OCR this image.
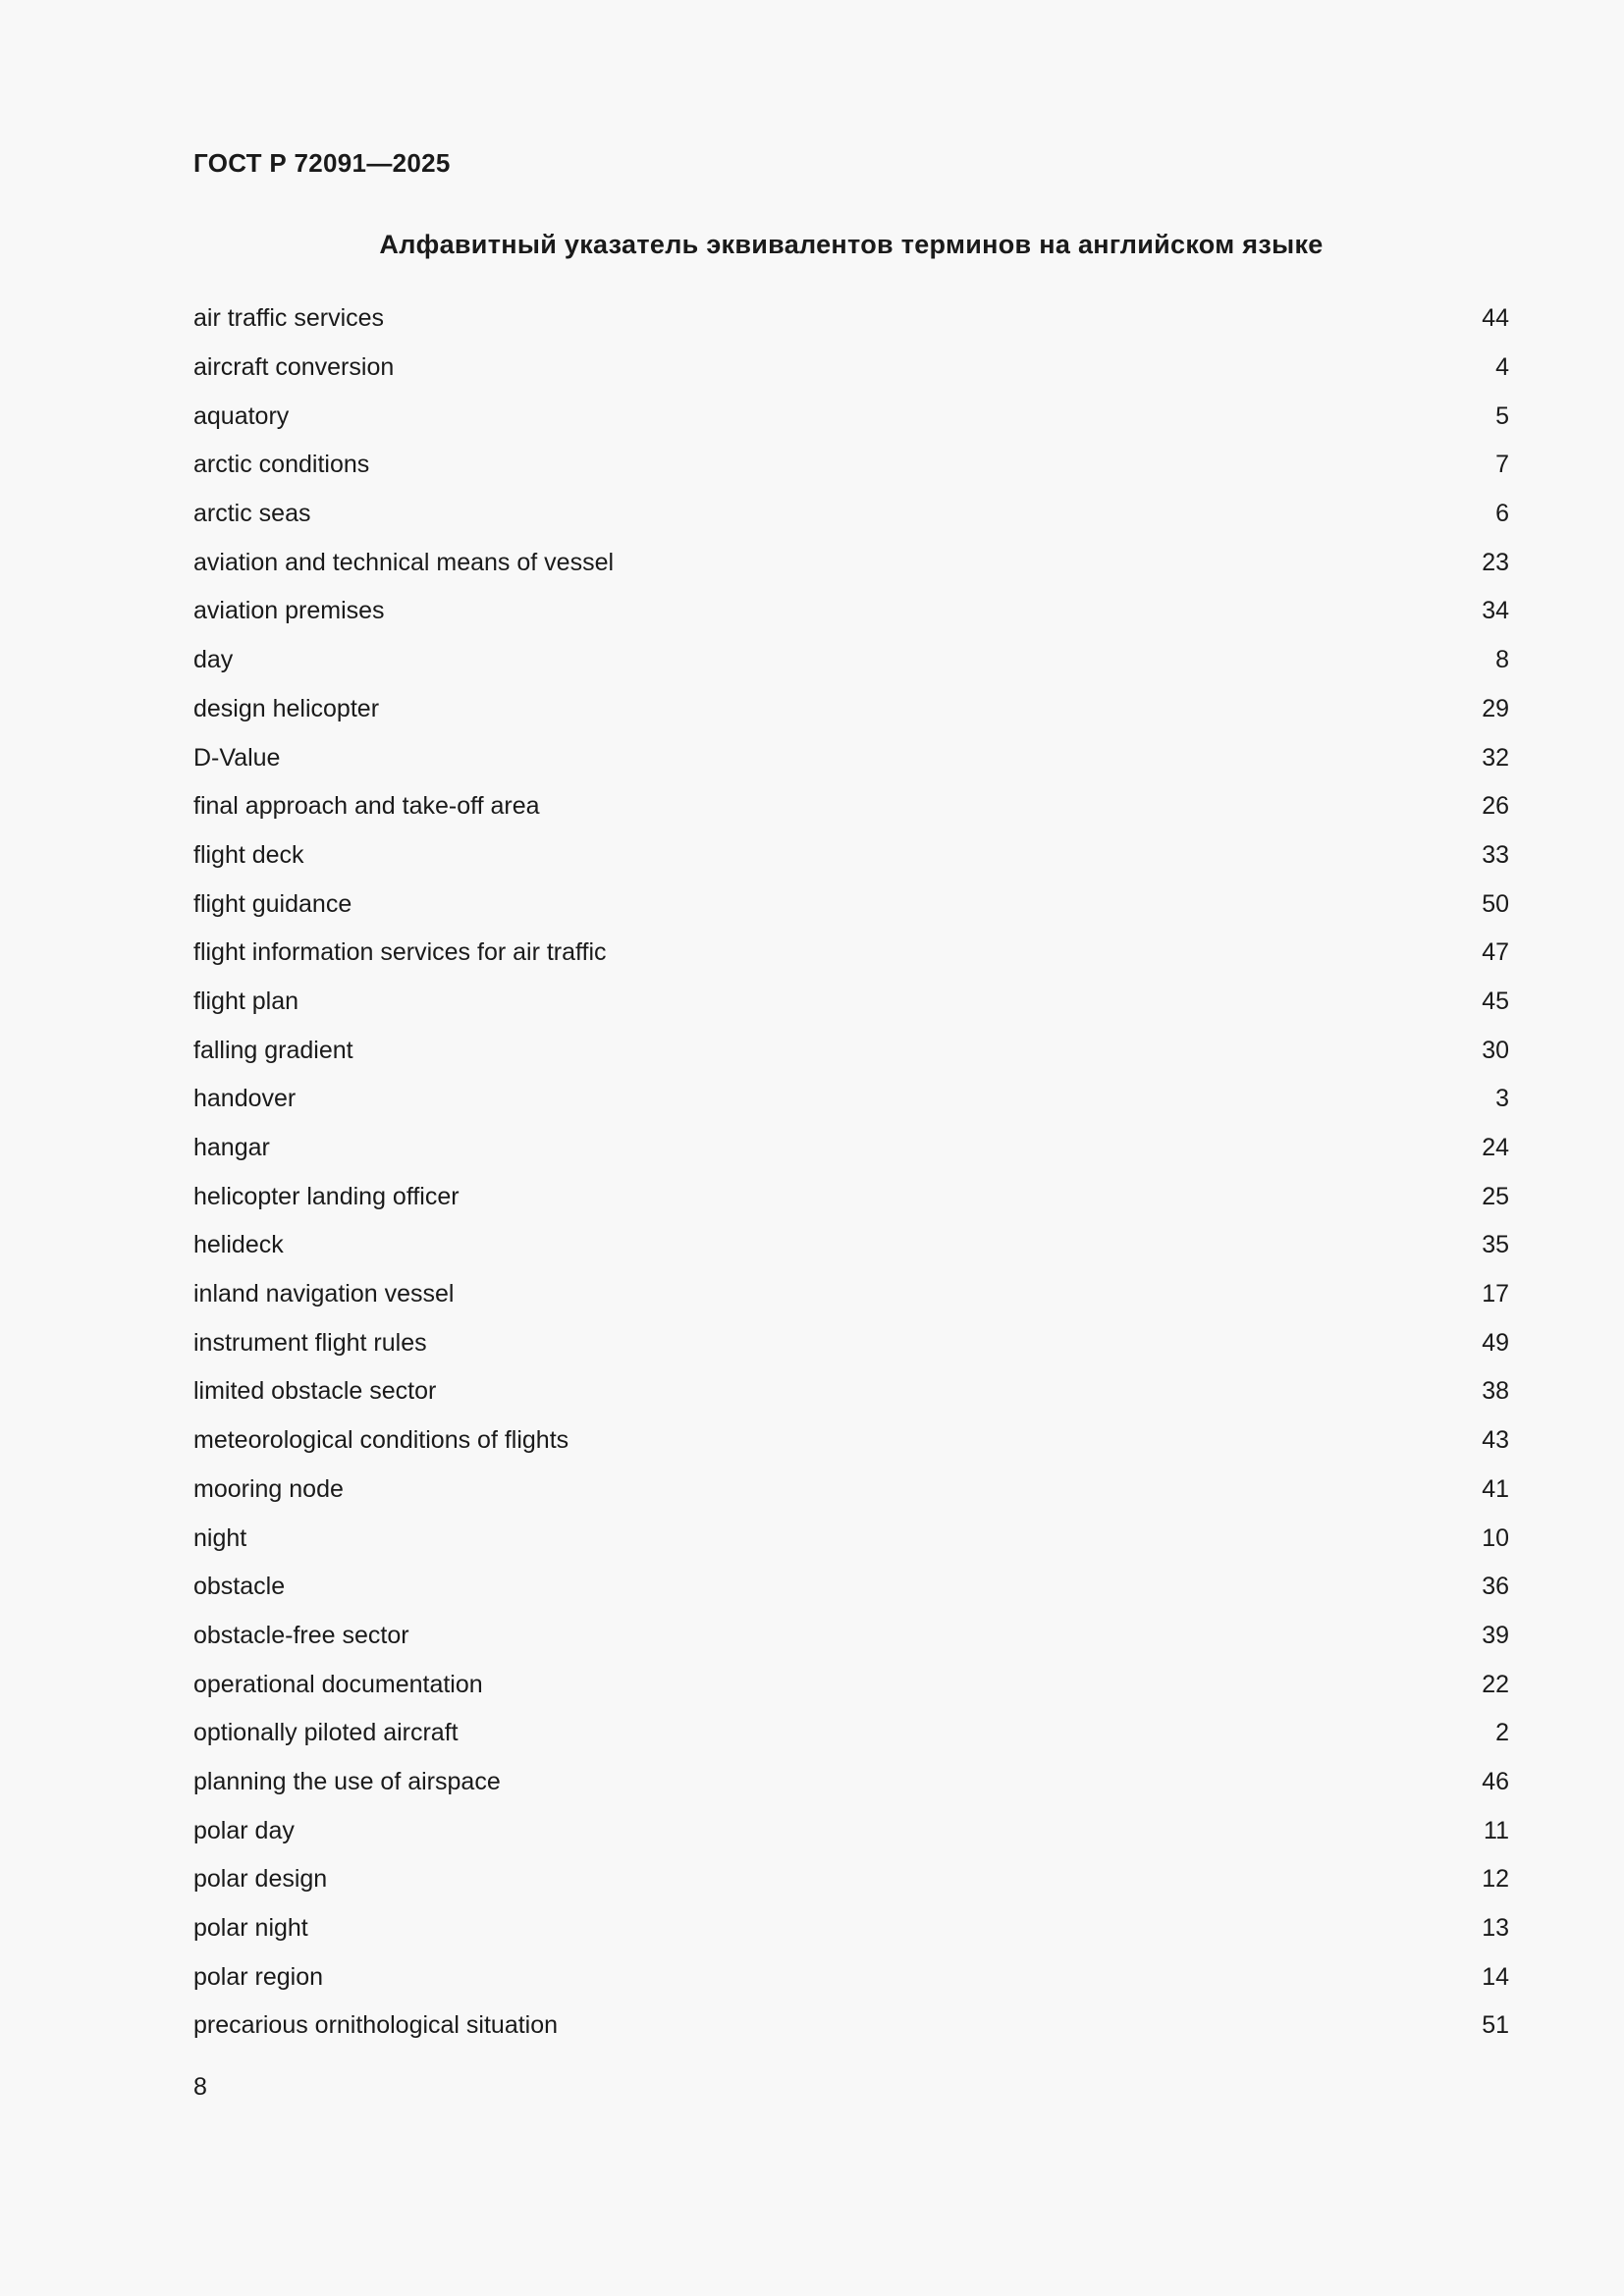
ГОСТ Р 72091—2025
Алфавитный указатель эквивалентов терминов на английском языке
air traffic services	44
aircraft conversion	4
aquatory	5
arctic conditions	7
arctic seas	6
aviation and technical means of vessel	23
aviation premises	34
day	8
design helicopter	29
D-Value	32
final approach and take-off area	26
flight deck	33
flight guidance	50
flight information services for air traffic	47
flight plan	45
falling gradient	30
handover	3
hangar	24
helicopter landing officer	25
helideck	35
inland navigation vessel	17
instrument flight rules	49
limited obstacle sector	38
meteorological conditions of flights	43
mooring node	41
night	10
obstacle	36
obstacle-free sector	39
operational documentation	22
optionally piloted aircraft	2
planning the use of airspace	46
polar day	11
polar design	12
polar night	13
polar region	14
precarious ornithological situation	51
8
